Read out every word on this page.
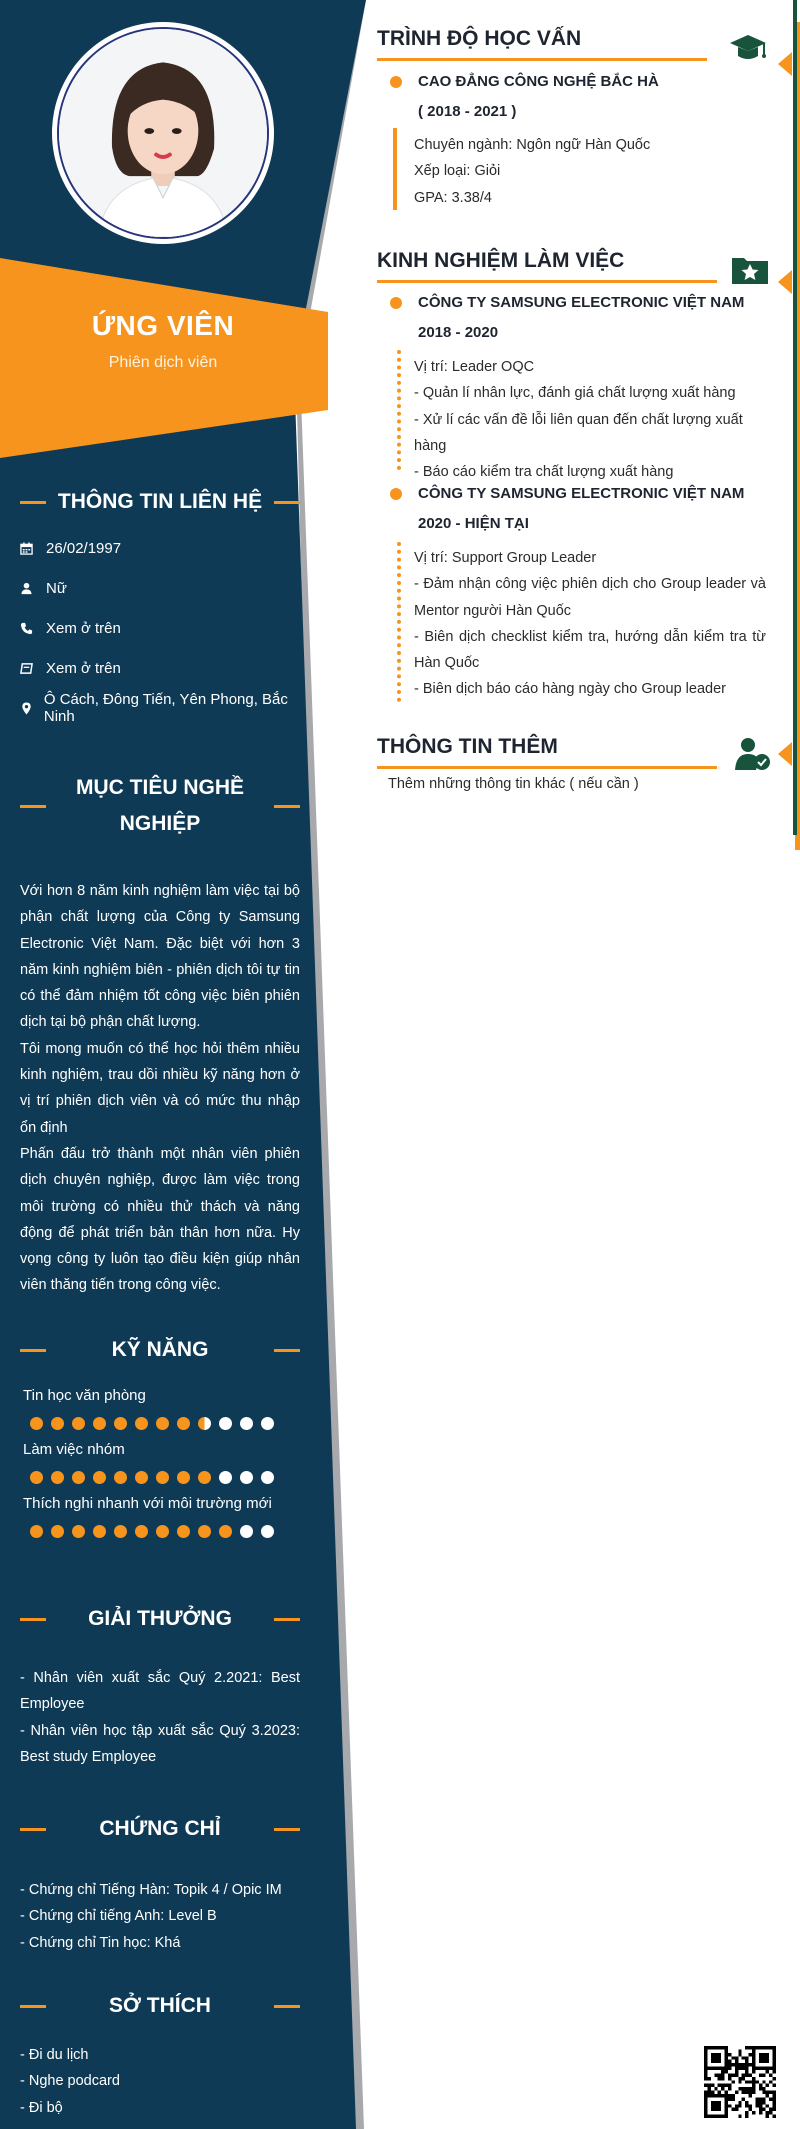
ỨNG VIÊN
Phiên dịch viên
THÔNG TIN LIÊN HỆ
26/02/1997
Nữ
Xem ở trên
Xem ở trên
Ô Cách, Đông Tiến, Yên Phong, Bắc Ninh
MỤC TIÊU NGHỀ
NGHIỆP

Với hơn 8 năm kinh nghiệm làm việc tại bộ phận chất lượng của Công ty Samsung Electronic Việt Nam. Đặc biệt với hơn 3 năm kinh nghiệm biên - phiên dịch tôi tự tin có thể đảm nhiệm tốt công việc biên phiên dịch tại bộ phận chất lượng.

Tôi mong muốn có thể học hỏi thêm nhiều kinh nghiệm, trau dồi nhiều kỹ năng hơn ở vị trí phiên dịch viên và có mức thu nhập ổn định

Phấn đấu trở thành một nhân viên phiên dịch chuyên nghiệp, được làm việc trong môi trường có nhiều thử thách và năng động để phát triển bản thân hơn nữa. Hy vọng công ty luôn tạo điều kiện giúp nhân viên thăng tiến trong công việc.

KỸ NĂNG
Tin học văn phòng
Làm việc nhóm
Thích nghi nhanh với môi trường mới
GIẢI THƯỞNG

- Nhân viên xuất sắc Quý 2.2021: Best Employee

- Nhân viên học tập xuất sắc Quý 3.2023: Best study Employee

CHỨNG CHỈ
- Chứng chỉ Tiếng Hàn: Topik 4 / Opic IM
- Chứng chỉ tiếng Anh: Level B
- Chứng chỉ Tin học: Khá
SỞ THÍCH
- Đi du lịch
- Nghe podcard
- Đi bộ
TRÌNH ĐỘ HỌC VẤN
CAO ĐẲNG CÔNG NGHỆ BẮC HÀ
( 2018 - 2021 )
Chuyên ngành: Ngôn ngữ Hàn Quốc
Xếp loại: Giỏi
GPA: 3.38/4
KINH NGHIỆM LÀM VIỆC
CÔNG TY SAMSUNG ELECTRONIC VIỆT NAM
2018 - 2020
Vị trí: Leader OQC
- Quản lí nhân lực, đánh giá chất lượng xuất hàng
- Xử lí các vấn đề lỗi liên quan đến chất lượng xuất hàng
- Báo cáo kiểm tra chất lượng xuất hàng
CÔNG TY SAMSUNG ELECTRONIC VIỆT NAM
2020 - HIỆN TẠI
Vị trí: Support Group Leader
- Đảm nhận công việc phiên dịch cho Group leader và Mentor người Hàn Quốc
- Biên dịch checklist kiểm tra, hướng dẫn kiểm tra từ Hàn Quốc
- Biên dịch báo cáo hàng ngày cho Group leader
THÔNG TIN THÊM
Thêm những thông tin khác ( nếu cần )
